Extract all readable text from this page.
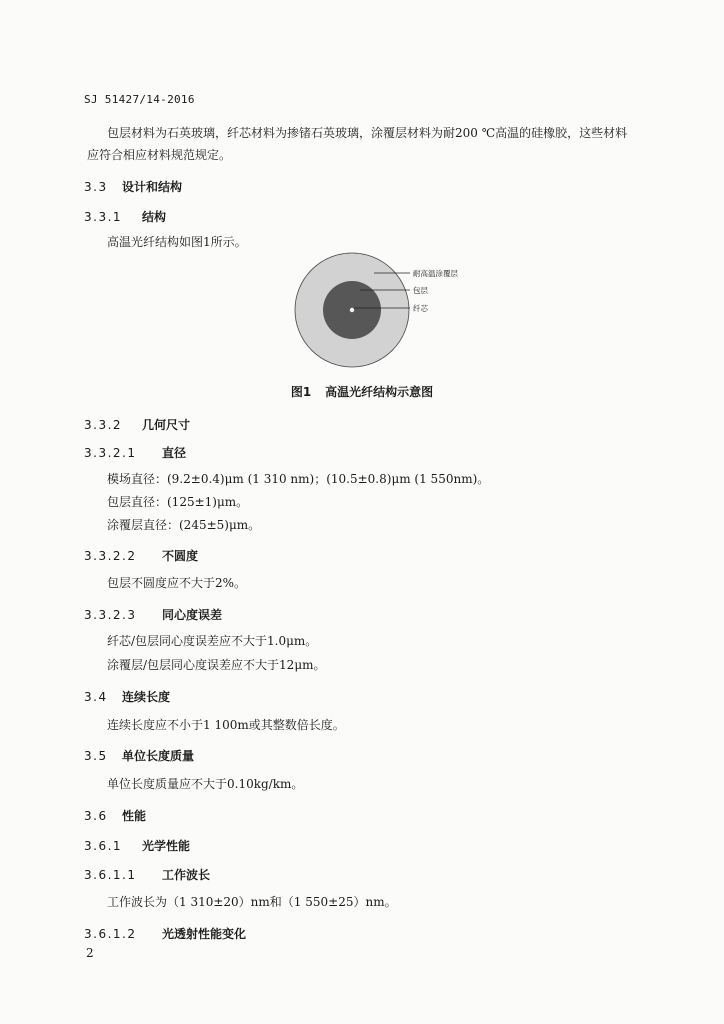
SJ 51427/14-2016
包层材料为石英玻璃，纤芯材料为掺锗石英玻璃，涂覆层材料为耐200 ℃高温的硅橡胶，这些材料
应符合相应材料规范规定。
3.3 设计和结构
3.3.1 结构
高温光纤结构如图1所示。
耐高温涂覆层
包层
纤芯
图1 高温光纤结构示意图
3.3.2 几何尺寸
3.3.2.1 直径
模场直径：(9.2±0.4)μm (1 310 nm)；(10.5±0.8)μm (1 550nm)。
包层直径：(125±1)μm。
涂覆层直径：(245±5)μm。
3.3.2.2 不圆度
包层不圆度应不大于2%。
3.3.2.3 同心度误差
纤芯/包层同心度误差应不大于1.0μm。
涂覆层/包层同心度误差应不大于12μm。
3.4 连续长度
连续长度应不小于1 100m或其整数倍长度。
3.5 单位长度质量
单位长度质量应不大于0.10kg/km。
3.6 性能
3.6.1 光学性能
3.6.1.1 工作波长
工作波长为（1 310±20）nm和（1 550±25）nm。
3.6.1.2 光透射性能变化
2
